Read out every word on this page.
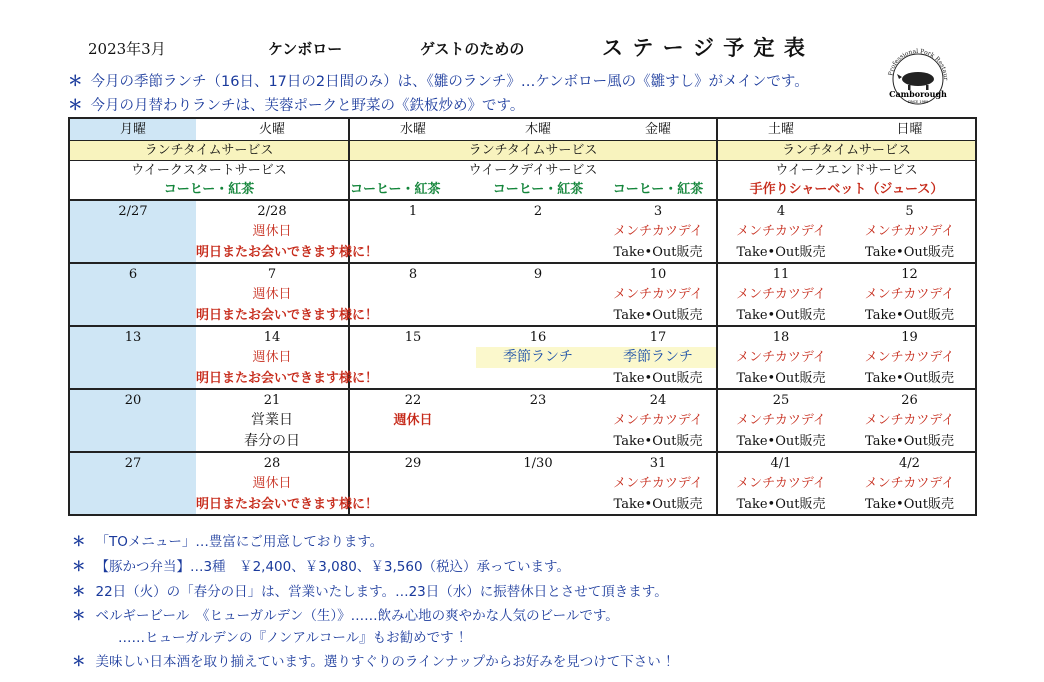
2023年3月	ケンボロー	ゲストのための	ス テ ー ジ 予 定 表
Professional Pork Restaur
Camborough
SINCE 1989
＊ 今月の季節ランチ（16日、17日の2日間のみ）は、《雛のランチ》…ケンボロー風の《雛すし》がメインです。
＊ 今月の月替わりランチは、芙蓉ポークと野菜の《鉄板炒め》です。
月曜	火曜	水曜	木曜	金曜	土曜	日曜
ランチタイムサービス		ランチタイムサービス			ランチタイムサービス	
ウイークスタートサービス		ウイークデイサービス			ウイークエンドサービス	
コーヒー・紅茶		コーヒー・紅茶	コーヒー・紅茶	コーヒー・紅茶	手作りシャーベット（ジュース）	
2/27	2/28	1	2	3	4	5
	週休日			メンチカツデイ	メンチカツデイ	メンチカツデイ
	明日またお会いできます様に！			Take•Out販売	Take•Out販売	Take•Out販売
6	7	8	9	10	11	12
	週休日			メンチカツデイ	メンチカツデイ	メンチカツデイ
	明日またお会いできます様に！			Take•Out販売	Take•Out販売	Take•Out販売
13	14	15	16	17	18	19
	週休日		季節ランチ	季節ランチ	メンチカツデイ	メンチカツデイ
	明日またお会いできます様に！			Take•Out販売	Take•Out販売	Take•Out販売
20	21	22	23	24	25	26
	営業日	週休日		メンチカツデイ	メンチカツデイ	メンチカツデイ
	春分の日			Take•Out販売	Take•Out販売	Take•Out販売
27	28	29	1/30	31	4/1	4/2
	週休日			メンチカツデイ	メンチカツデイ	メンチカツデイ
	明日またお会いできます様に！			Take•Out販売	Take•Out販売	Take•Out販売
＊ 「TOメニュー」…豊富にご用意しております。
＊ 【豚かつ弁当】…3種　￥2,400、￥3,080、￥3,560（税込）承っています。
＊ 22日（火）の「春分の日」は、営業いたします。…23日（水）に振替休日とさせて頂きます。
＊ ベルギービール　《ヒューガルデン（生）》……飲み心地の爽やかな人気のビールです。
……ヒューガルデンの『ノンアルコール』もお勧めです ！
＊ 美味しい日本酒を取り揃えています。選りすぐりのラインナップからお好みを見つけて下さい ！
